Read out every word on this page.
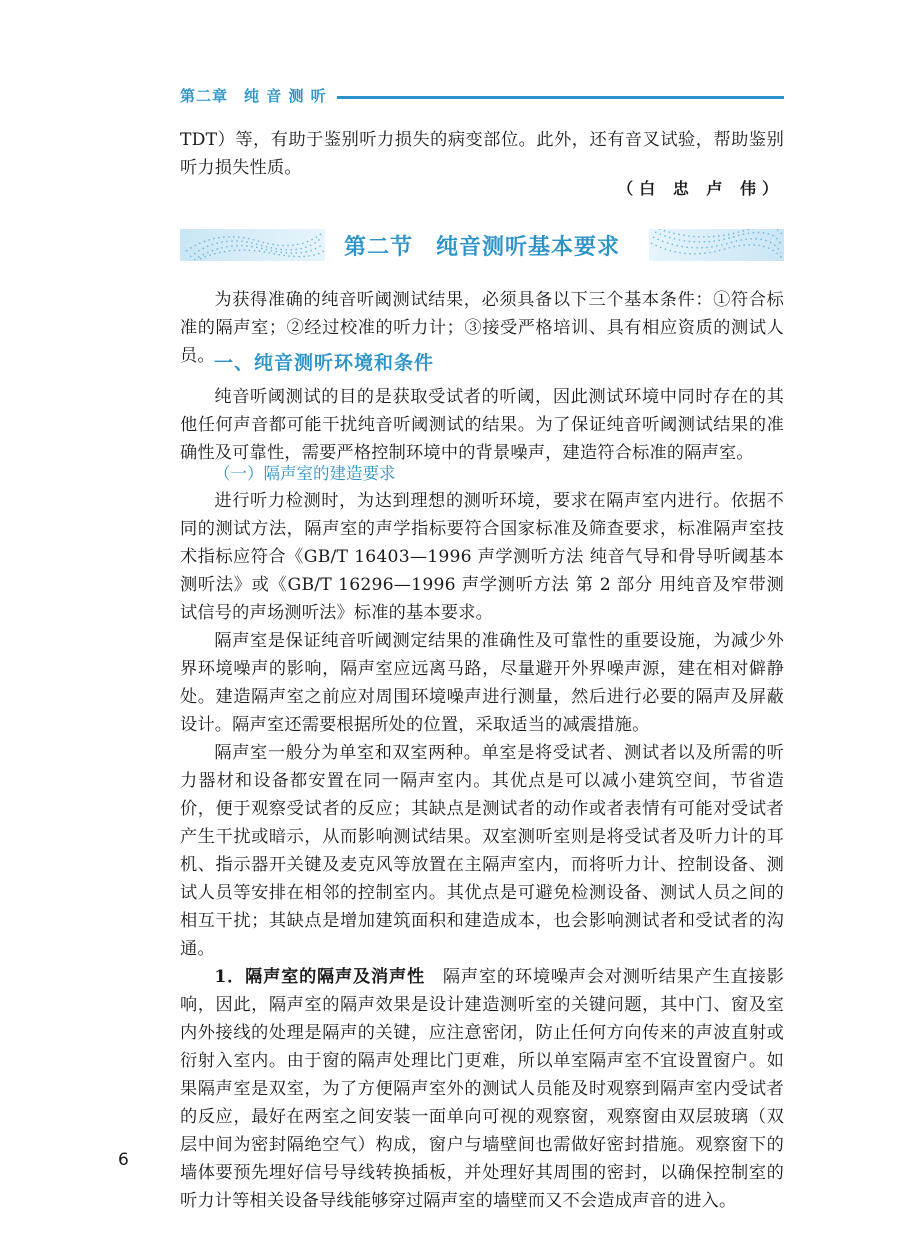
第二章　纯 音 测 听

TDT）等，有助于鉴别听力损失的病变部位。此外，还有音叉试验，帮助鉴别听力损失性质。

（白 忠 卢 伟）
第二节　纯音测听基本要求

为获得准确的纯音听阈测试结果，必须具备以下三个基本条件：①符合标准的隔声室；②经过校准的听力计；③接受严格培训、具有相应资质的测试人员。 一、纯音测听环境和条件

纯音听阈测试的目的是获取受试者的听阈，因此测试环境中同时存在的其他任何声音都可能干扰纯音听阈测试的结果。为了保证纯音听阈测试结果的准确性及可靠性，需要严格控制环境中的背景噪声，建造符合标准的隔声室。

（一）隔声室的建造要求

进行听力检测时，为达到理想的测听环境，要求在隔声室内进行。依据不同的测试方法，隔声室的声学指标要符合国家标准及筛查要求，标准隔声室技术指标应符合《GB/T 16403—1996 声学测听方法 纯音气导和骨导听阈基本测听法》或《GB/T 16296—1996 声学测听方法 第 2 部分 用纯音及窄带测试信号的声场测听法》标准的基本要求。

隔声室是保证纯音听阈测定结果的准确性及可靠性的重要设施，为减少外界环境噪声的影响，隔声室应远离马路，尽量避开外界噪声源，建在相对僻静处。建造隔声室之前应对周围环境噪声进行测量，然后进行必要的隔声及屏蔽设计。隔声室还需要根据所处的位置，采取适当的减震措施。

隔声室一般分为单室和双室两种。单室是将受试者、测试者以及所需的听力器材和设备都安置在同一隔声室内。其优点是可以减小建筑空间，节省造价，便于观察受试者的反应；其缺点是测试者的动作或者表情有可能对受试者产生干扰或暗示，从而影响测试结果。双室测听室则是将受试者及听力计的耳机、指示器开关键及麦克风等放置在主隔声室内，而将听力计、控制设备、测试人员等安排在相邻的控制室内。其优点是可避免检测设备、测试人员之间的相互干扰；其缺点是增加建筑面积和建造成本，也会影响测试者和受试者的沟通。

1．隔声室的隔声及消声性　隔声室的环境噪声会对测听结果产生直接影响，因此，隔声室的隔声效果是设计建造测听室的关键问题，其中门、窗及室内外接线的处理是隔声的关键，应注意密闭，防止任何方向传来的声波直射或衍射入室内。由于窗的隔声处理比门更难，所以单室隔声室不宜设置窗户。如果隔声室是双室，为了方便隔声室外的测试人员能及时观察到隔声室内受试者的反应，最好在两室之间安装一面单向可视的观察窗，观察窗由双层玻璃（双层中间为密封隔绝空气）构成，窗户与墙壁间也需做好密封措施。观察窗下的墙体要预先埋好信号导线转换插板，并处理好其周围的密封，以确保控制室的听力计等相关设备导线能够穿过隔声室的墙壁而又不会造成声音的进入。

6
